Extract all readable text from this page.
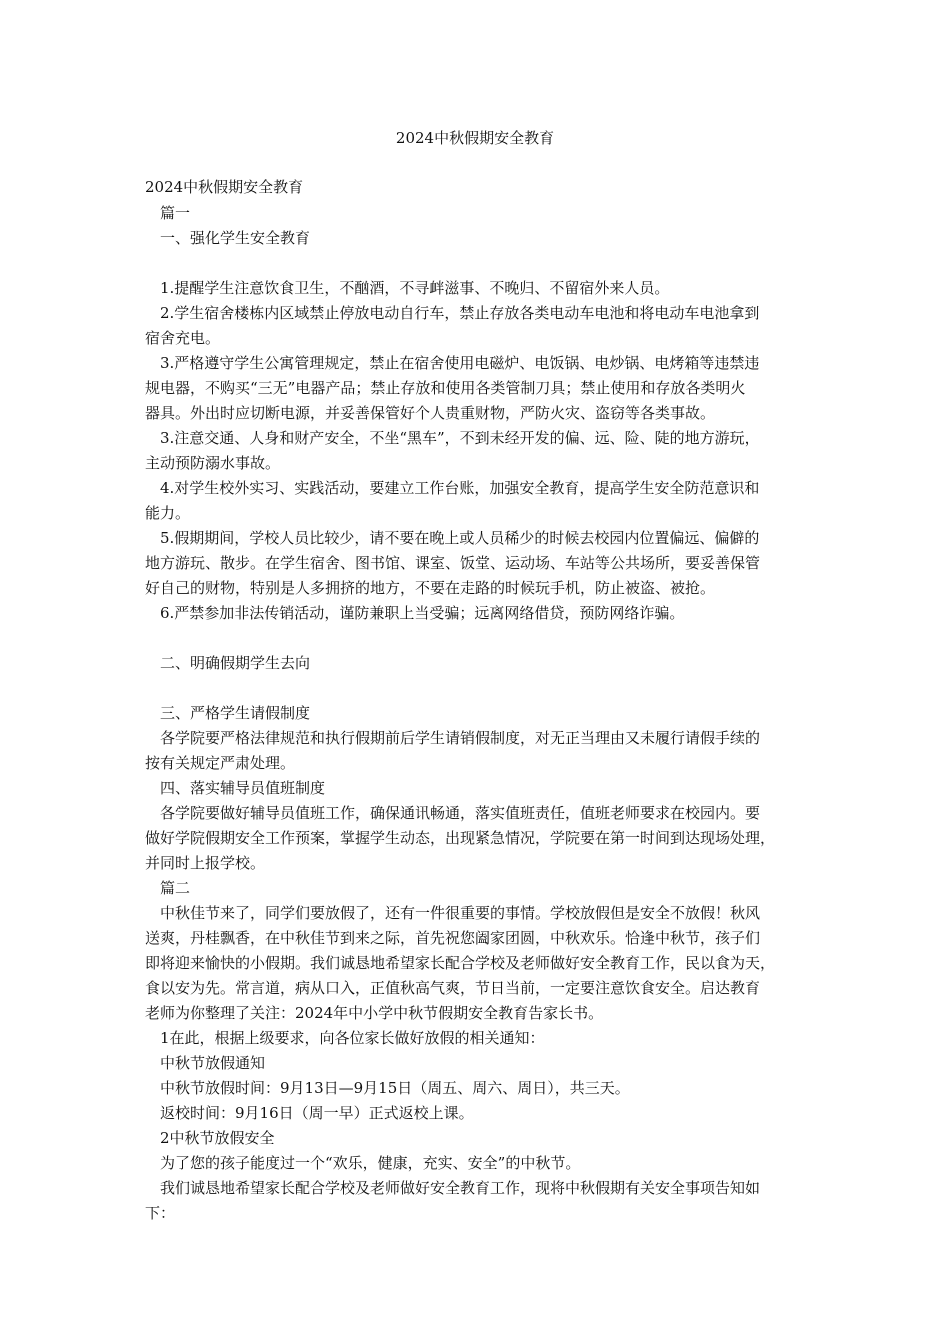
2024中秋假期安全教育
2024中秋假期安全教育
篇一
一、强化学生安全教育
1.提醒学生注意饮食卫生，不酗酒，不寻衅滋事、不晚归、不留宿外来人员。
2.学生宿舍楼栋内区域禁止停放电动自行车，禁止存放各类电动车电池和将电动车电池拿到
宿舍充电。
3.严格遵守学生公寓管理规定，禁止在宿舍使用电磁炉、电饭锅、电炒锅、电烤箱等违禁违
规电器，不购买“三无”电器产品；禁止存放和使用各类管制刀具；禁止使用和存放各类明火
器具。外出时应切断电源，并妥善保管好个人贵重财物，严防火灾、盗窃等各类事故。
3.注意交通、人身和财产安全，不坐“黑车”，不到未经开发的偏、远、险、陡的地方游玩，
主动预防溺水事故。
4.对学生校外实习、实践活动，要建立工作台账，加强安全教育，提高学生安全防范意识和
能力。
5.假期期间，学校人员比较少，请不要在晚上或人员稀少的时候去校园内位置偏远、偏僻的
地方游玩、散步。在学生宿舍、图书馆、课室、饭堂、运动场、车站等公共场所，要妥善保管
好自己的财物，特别是人多拥挤的地方，不要在走路的时候玩手机，防止被盗、被抢。
6.严禁参加非法传销活动，谨防兼职上当受骗；远离网络借贷，预防网络诈骗。
二、明确假期学生去向
三、严格学生请假制度
各学院要严格法律规范和执行假期前后学生请销假制度，对无正当理由又未履行请假手续的
按有关规定严肃处理。
四、落实辅导员值班制度
各学院要做好辅导员值班工作，确保通讯畅通，落实值班责任，值班老师要求在校园内。要
做好学院假期安全工作预案，掌握学生动态，出现紧急情况，学院要在第一时间到达现场处理，
并同时上报学校。
篇二
中秋佳节来了，同学们要放假了，还有一件很重要的事情。学校放假但是安全不放假！秋风
送爽，丹桂飘香，在中秋佳节到来之际，首先祝您阖家团圆，中秋欢乐。恰逢中秋节，孩子们
即将迎来愉快的小假期。我们诚恳地希望家长配合学校及老师做好安全教育工作，民以食为天，
食以安为先。常言道，病从口入，正值秋高气爽，节日当前，一定要注意饮食安全。启达教育
老师为你整理了关注：2024年中小学中秋节假期安全教育告家长书。
1在此，根据上级要求，向各位家长做好放假的相关通知：
中秋节放假通知
中秋节放假时间：9月13日—9月15日（周五、周六、周日），共三天。
返校时间：9月16日（周一早）正式返校上课。
2中秋节放假安全
为了您的孩子能度过一个“欢乐，健康，充实、安全”的中秋节。
我们诚恳地希望家长配合学校及老师做好安全教育工作，现将中秋假期有关安全事项告知如
下：
